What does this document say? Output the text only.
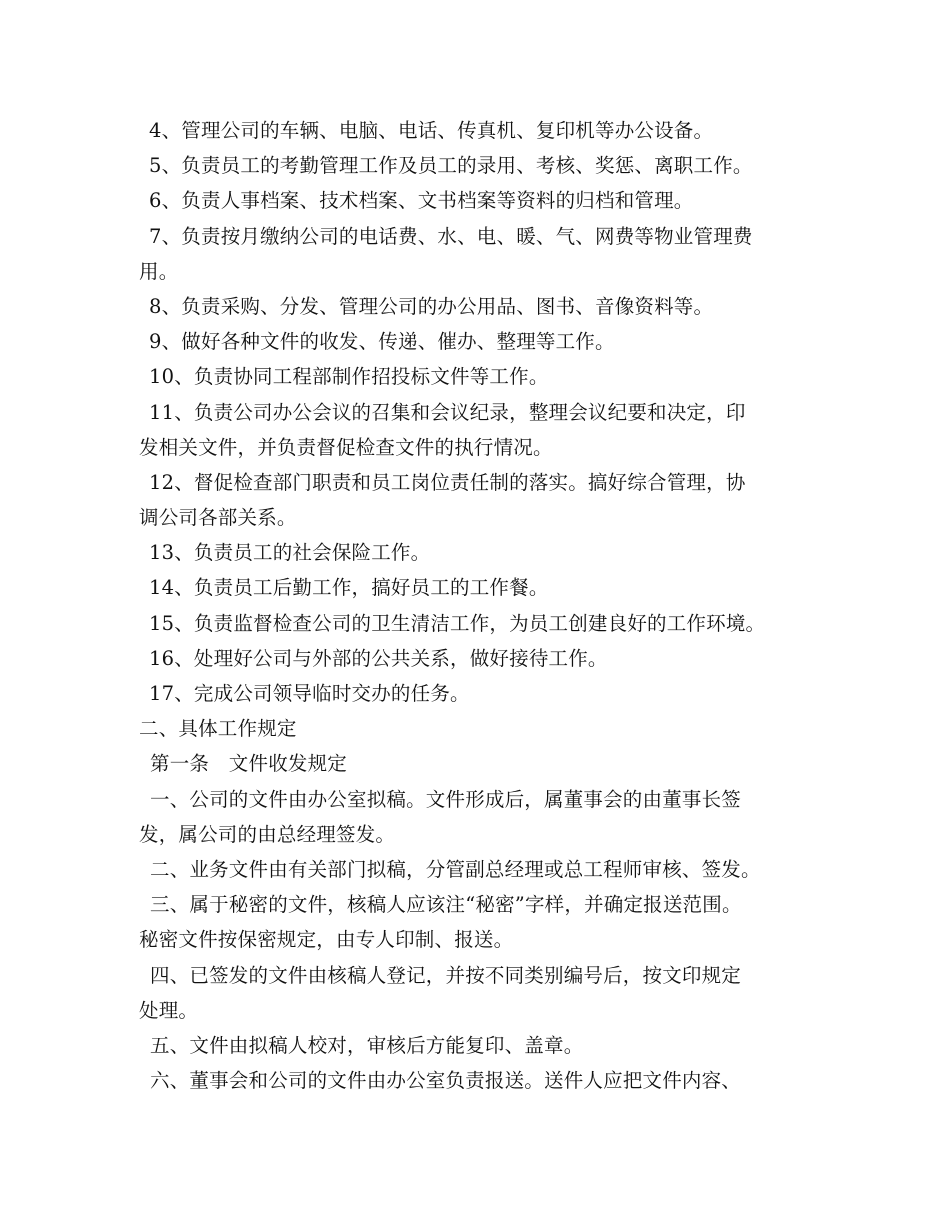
4、管理公司的车辆、电脑、电话、传真机、复印机等办公设备。
5、负责员工的考勤管理工作及员工的录用、考核、奖惩、离职工作。
6、负责人事档案、技术档案、文书档案等资料的归档和管理。
7、负责按月缴纳公司的电话费、水、电、暖、气、网费等物业管理费
用。
8、负责采购、分发、管理公司的办公用品、图书、音像资料等。
9、做好各种文件的收发、传递、催办、整理等工作。
10、负责协同工程部制作招投标文件等工作。
11、负责公司办公会议的召集和会议纪录，整理会议纪要和决定，印
发相关文件，并负责督促检查文件的执行情况。
12、督促检查部门职责和员工岗位责任制的落实。搞好综合管理，协
调公司各部关系。
13、负责员工的社会保险工作。
14、负责员工后勤工作，搞好员工的工作餐。
15、负责监督检查公司的卫生清洁工作，为员工创建良好的工作环境。
16、处理好公司与外部的公共关系，做好接待工作。
17、完成公司领导临时交办的任务。
二、具体工作规定
第一条　文件收发规定
一、公司的文件由办公室拟稿。文件形成后，属董事会的由董事长签
发，属公司的由总经理签发。
二、业务文件由有关部门拟稿，分管副总经理或总工程师审核、签发。
三、属于秘密的文件，核稿人应该注“秘密”字样，并确定报送范围。
秘密文件按保密规定，由专人印制、报送。
四、已签发的文件由核稿人登记，并按不同类别编号后，按文印规定
处理。
五、文件由拟稿人校对，审核后方能复印、盖章。
六、董事会和公司的文件由办公室负责报送。送件人应把文件内容、
